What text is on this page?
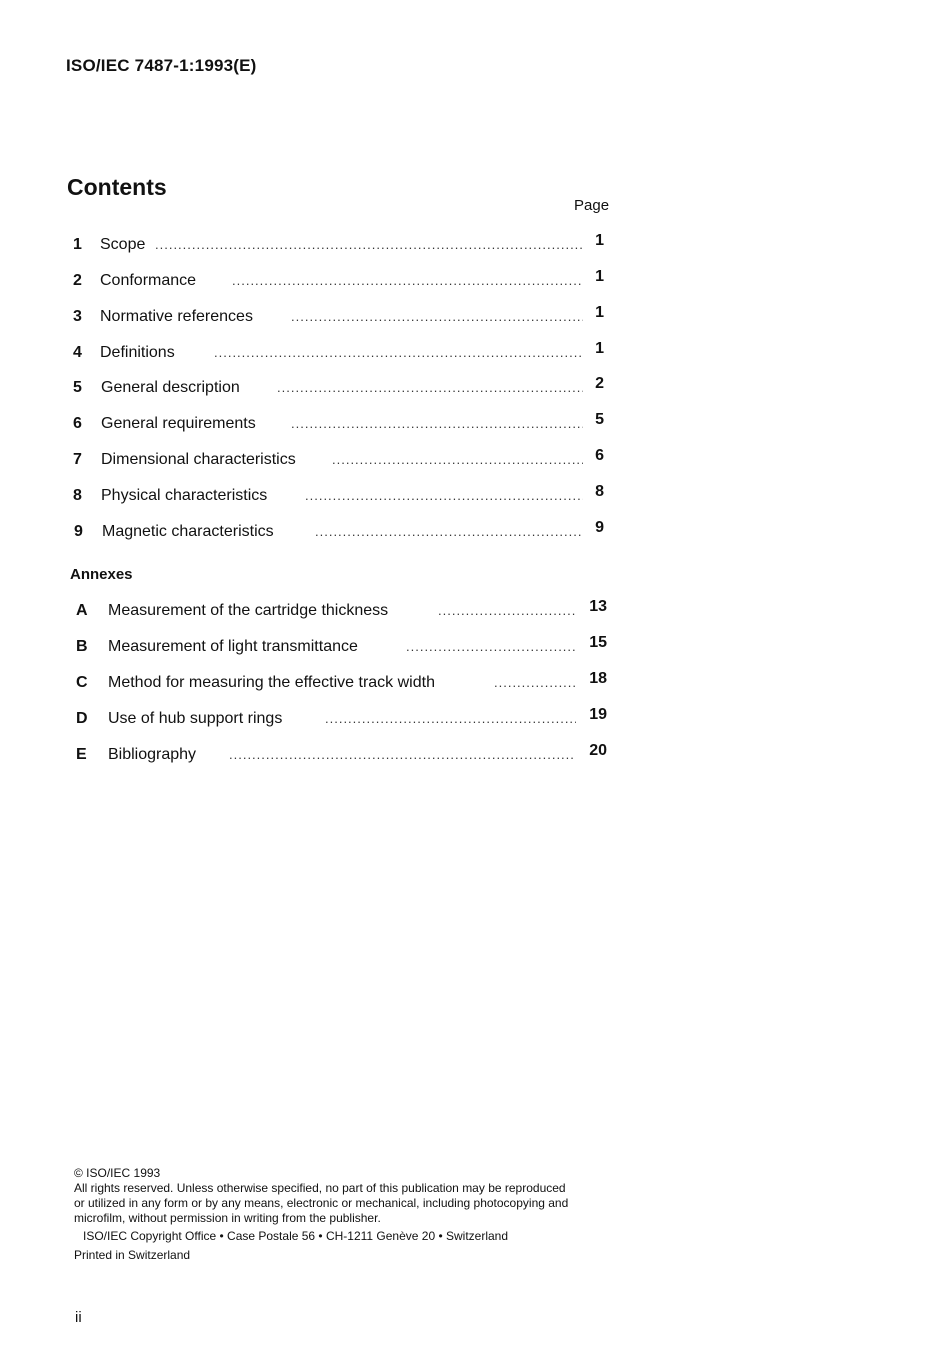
ISO/IEC 7487-1:1993(E)
Contents
Page
1 Scope .....	1
2 Conformance .....	1
3 Normative references .....	1
4 Definitions .....	1
5 General description .....	2
6 General requirements .....	5
7 Dimensional characteristics .....	6
8 Physical characteristics .....	8
9 Magnetic characteristics .....	9
Annexes
A Measurement of the cartridge thickness .....	13
B Measurement of light transmittance .....	15
C Method for measuring the effective track width .....	18
D Use of hub support rings .....	19
E Bibliography .....	20
© ISO/IEC 1993
All rights reserved. Unless otherwise specified, no part of this publication may be reproduced
or utilized in any form or by any means, electronic or mechanical, including photocopying and
microfilm, without permission in writing from the publisher.
ISO/IEC Copyright Office • Case Postale 56 • CH-1211 Genève 20 • Switzerland
Printed in Switzerland
ii
